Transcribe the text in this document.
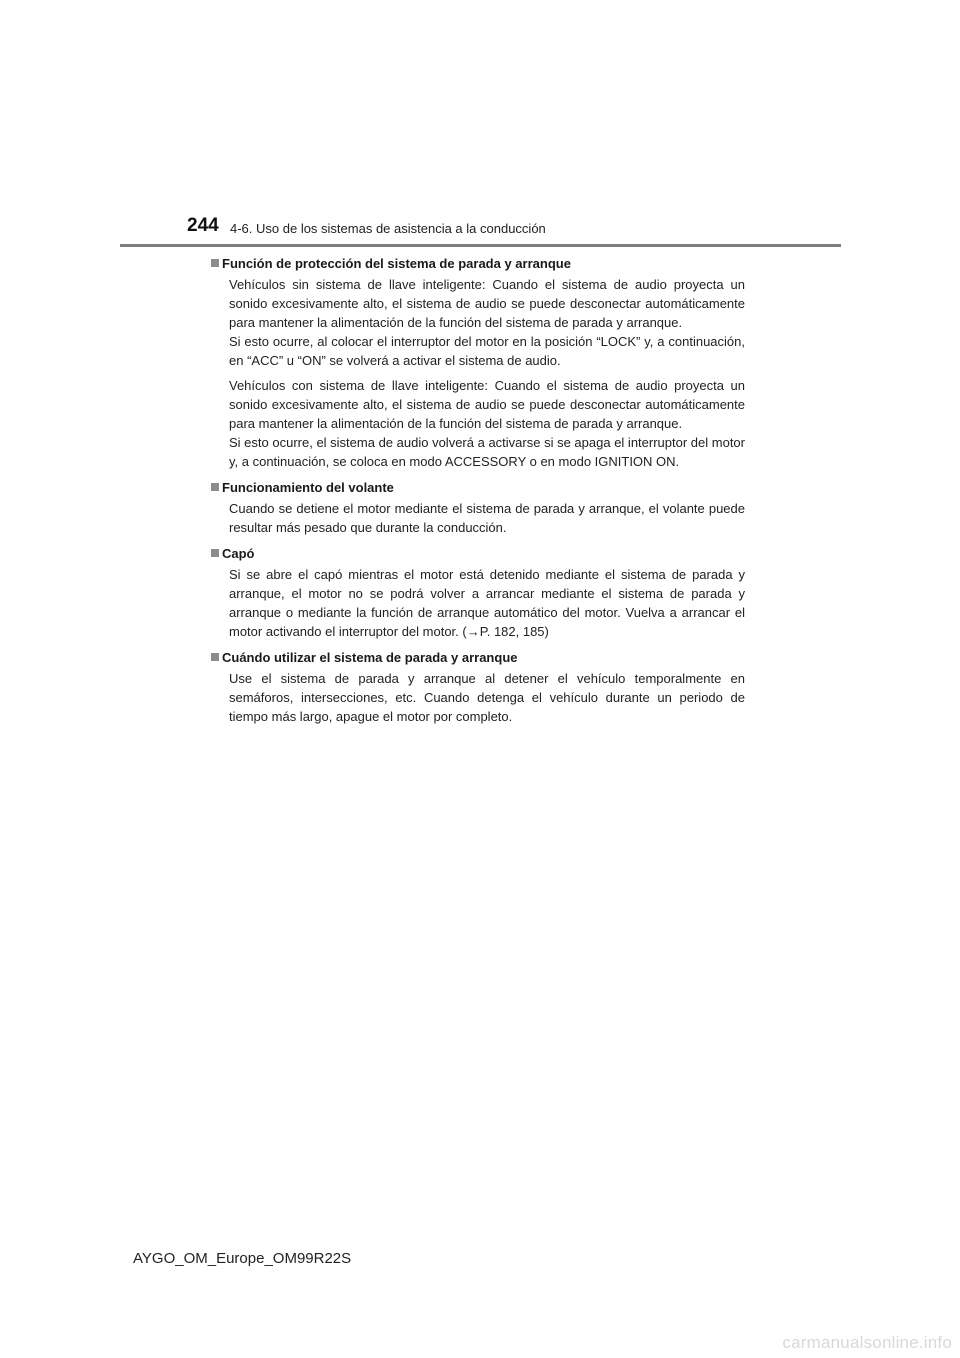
244 4-6. Uso de los sistemas de asistencia a la conducción
Función de protección del sistema de parada y arranque

Vehículos sin sistema de llave inteligente: Cuando el sistema de audio proyecta un sonido excesivamente alto, el sistema de audio se puede desconectar automáticamente para mantener la alimentación de la función del sistema de parada y arranque.
Si esto ocurre, al colocar el interruptor del motor en la posición “LOCK” y, a continuación, en “ACC” u “ON” se volverá a activar el sistema de audio.

Vehículos con sistema de llave inteligente: Cuando el sistema de audio proyecta un sonido excesivamente alto, el sistema de audio se puede desconectar automáticamente para mantener la alimentación de la función del sistema de parada y arranque.
Si esto ocurre, el sistema de audio volverá a activarse si se apaga el interruptor del motor y, a continuación, se coloca en modo ACCESSORY o en modo IGNITION ON.

Funcionamiento del volante

Cuando se detiene el motor mediante el sistema de parada y arranque, el volante puede resultar más pesado que durante la conducción.

Capó

Si se abre el capó mientras el motor está detenido mediante el sistema de parada y arranque, el motor no se podrá volver a arrancar mediante el sistema de parada y arranque o mediante la función de arranque automático del motor. Vuelva a arrancar el motor activando el interruptor del motor. (→P. 182, 185)

Cuándo utilizar el sistema de parada y arranque

Use el sistema de parada y arranque al detener el vehículo temporalmente en semáforos, intersecciones, etc. Cuando detenga el vehículo durante un periodo de tiempo más largo, apague el motor por completo.

AYGO_OM_Europe_OM99R22S
carmanualsonline.info
